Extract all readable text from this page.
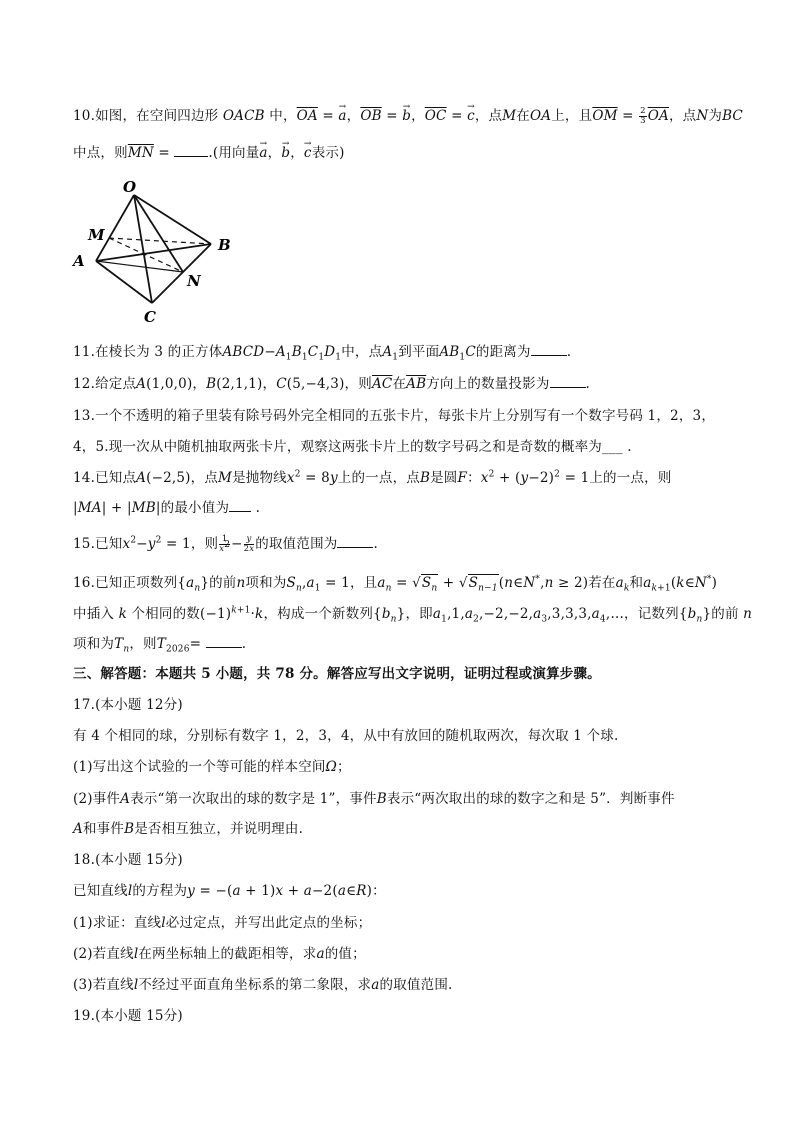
10.如图，在空间四边形 OACB 中，$\overline{OA}$ = → a，$\overline{OB}$ = → b，$\overline{OC}$ = → c，点M在OA上，且$\overline{OM} = \frac{2}{3} \overline{OA}$，点N为BC
中点，则$\overline{MN}$ =	.(用向量→ a，→ b，→ c表示)
O
M
A
B
N
C
11.在棱长为 3 的正方体$ABCD-A_1B_1C_1D_1$中，点$A_1$到平面$AB_1C$的距离为	.
12.给定点A(1,0,0)，B(2,1,1)，C(5,−4,3)，则$\overline{AC}$在$\overline{AB}$方向上的数量投影为	.
13.一个不透明的箱子里装有除号码外完全相同的五张卡片，每张卡片上分别写有一个数字号码 1，2，3，
4，5.现一次从中随机抽取两张卡片，观察这两张卡片上的数字号码之和是奇数的概率为___ .
14.已知点A(−2,5)，点M是抛物线$x^2 = 8y$上的一点，点B是圆F：$x^2 + (y-2)^2 = 1$上的一点，则
|MA| + |MB|的最小值为 .
15.已知$x^2-y^2 = 1$，则 $\frac{1}{x^2} - \frac{y}{2x}$ 的取值范围为	.
16.已知正项数列$\{a_n\}$的前n项和为$S_n,a_1 = 1$，且$a_n = √S_n$ + $√S_{n-1}(n\in N^*,n \ge 2)$若在$a_k$和$a_{k+1}(k\in N^*)$
中插入 k 个相同的数$(-1)^{k+1}\cdot k$，构成一个新数列$\{b_n\}$，即$a_1,1,a_2,-2,-2,a_3,3,3,3,a_4,\dots$，记数列$\{b_n\}$的前 n
项和为$T_n$，则$T_{2026}=$	.
三、解答题：本题共 5 小题，共 78 分。解答应写出文字说明，证明过程或演算步骤。
17.(本小题 12分)
有 4 个相同的球，分别标有数字 1，2，3，4，从中有放回的随机取两次，每次取 1 个球.
(1)写出这个试验的一个等可能的样本空间Ω；
(2)事件A表示“第一次取出的球的数字是 1”，事件B表示“两次取出的球的数字之和是 5”．判断事件
A和事件B是否相互独立，并说明理由.
18.(本小题 15分)
已知直线l的方程为y = −(a + 1)x + a−2(a∈R)：
(1)求证：直线l必过定点，并写出此定点的坐标；
(2)若直线l在两坐标轴上的截距相等，求a的值；
(3)若直线l不经过平面直角坐标系的第二象限，求a的取值范围.
19.(本小题 15分)
